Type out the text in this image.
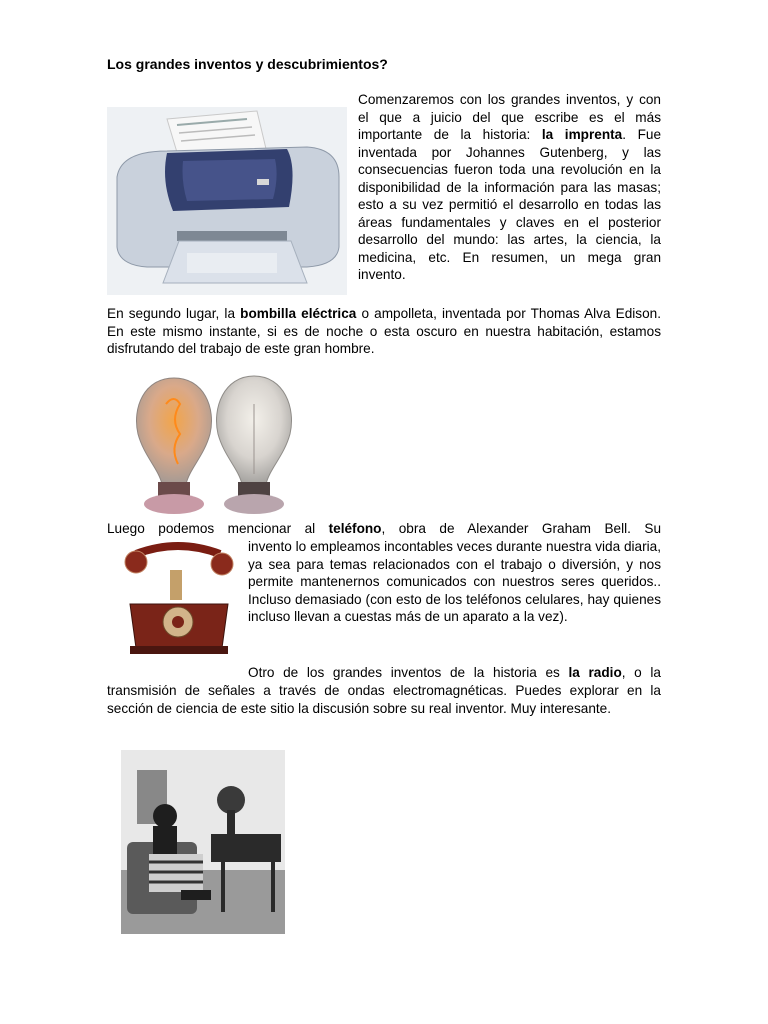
Los grandes inventos y descubrimientos?

Comenzaremos con los grandes inventos, y con el que a juicio del que escribe es el más importante de la historia: la imprenta. Fue inventada por Johannes Gutenberg, y las consecuencias fueron toda una revolución en la disponibilidad de la información para las masas; esto a su vez permitió el desarrollo en todas las áreas fundamentales y claves en el posterior desarrollo del mundo: las artes, la ciencia, la medicina, etc. En resumen, un mega gran invento.

En segundo lugar, la bombilla eléctrica o ampolleta, inventada por Thomas Alva Edison. En este mismo instante, si es de noche o esta oscuro en nuestra habitación, estamos disfrutando del trabajo de este gran hombre.

Luego podemos mencionar al teléfono, obra de Alexander Graham Bell. Su

invento lo empleamos incontables veces durante nuestra vida diaria, ya sea para temas relacionados con el trabajo o diversión, y nos permite mantenernos comunicados con nuestros seres queridos.. Incluso demasiado (con esto de los teléfonos celulares, hay quienes incluso llevan a cuestas más de un aparato a la vez).

Otro de los grandes inventos de la historia es la radio, o la

transmisión de señales a través de ondas electromagnéticas. Puedes explorar en la sección de ciencia de este sitio la discusión sobre su real inventor. Muy interesante.
